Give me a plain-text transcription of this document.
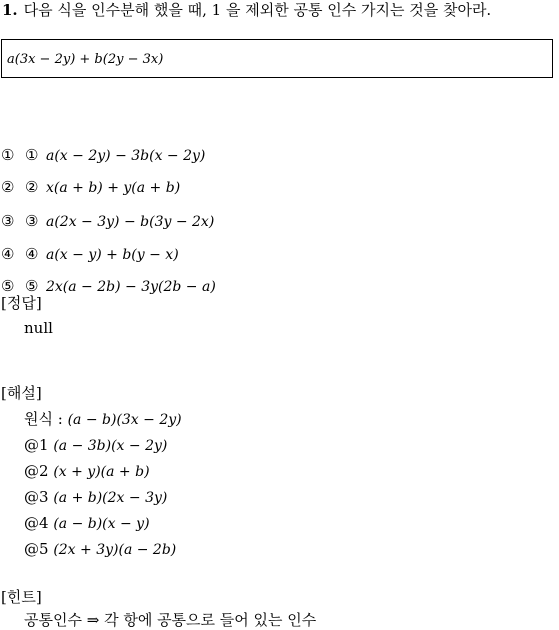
1. 다음 식을 인수분해 했을 때, 1 을 제외한 공통 인수 가지는 것을 찾아라.
a(3x − 2y) + b(2y − 3x)
① ① a(x − 2y) − 3b(x − 2y)
② ② x(a + b) + y(a + b)
③ ③ a(2x − 3y) − b(3y − 2x)
④ ④ a(x − y) + b(y − x)
⑤ ⑤ 2x(a − 2b) − 3y(2b − a)
[정답]
null
[해설]
원식 : (a − b)(3x − 2y)
@1 (a − 3b)(x − 2y)
@2 (x + y)(a + b)
@3 (a + b)(2x − 3y)
@4 (a − b)(x − y)
@5 (2x + 3y)(a − 2b)
[힌트]
공통인수 ⇒ 각 항에 공통으로 들어 있는 인수
